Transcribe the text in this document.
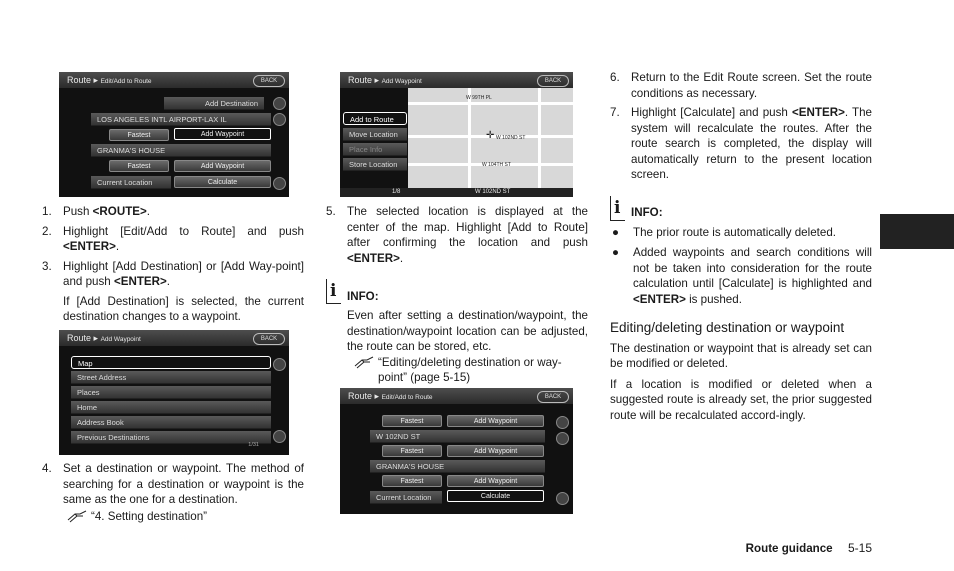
Route ▸ Edit/Add to Route	BACK
Add Destination
LOS ANGELES INTL AIRPORT-LAX IL
Fastest	Add Waypoint
GRANMA'S HOUSE
Fastest	Add Waypoint
Current Location	Calculate
1. Push <ROUTE>.
2. Highlight [Edit/Add to Route] and push <ENTER>.
3. Highlight [Add Destination] or [Add Way-point] and push <ENTER>.

If [Add Destination] is selected, the current destination changes to a waypoint.

Route ▸ Add Waypoint	BACK
Map
Street Address
Places
Home
Address Book
Previous Destinations
1/31
4. Set a destination or waypoint. The method of searching for a destination or waypoint is the same as the one for a destination.
“4. Setting destination”
Route ▸ Add Waypoint	BACK
W 99TH PL
W 102ND ST
W 104TH ST
✛
Add to Route
Move Location
Place Info
Store Location
1/8	W 102ND ST
5. The selected location is displayed at the center of the map. Highlight [Add to Route] after confirming the location and push <ENTER>.
i INFO:

Even after setting a destination/waypoint, the destination/waypoint location can be adjusted, the route can be stored, etc.

“Editing/deleting destination or way-point” (page 5-15)
Route ▸ Edit/Add to Route	BACK
Fastest	Add Waypoint
W 102ND ST
Fastest	Add Waypoint
GRANMA'S HOUSE
Fastest	Add Waypoint
Current Location	Calculate
6. Return to the Edit Route screen. Set the route conditions as necessary.
7. Highlight [Calculate] and push <ENTER>. The system will recalculate the routes. After the route search is completed, the display will automatically return to the present location screen.
i INFO:
●	The prior route is automatically deleted.
●	Added waypoints and search conditions will not be taken into consideration for the route calculation until [Calculate] is highlighted and <ENTER> is pushed.

Editing/deleting destination or waypoint

The destination or waypoint that is already set can be modified or deleted.

If a location is modified or deleted when a suggested route is already set, the prior suggested route will be recalculated accord-ingly.

Route guidance 5-15
